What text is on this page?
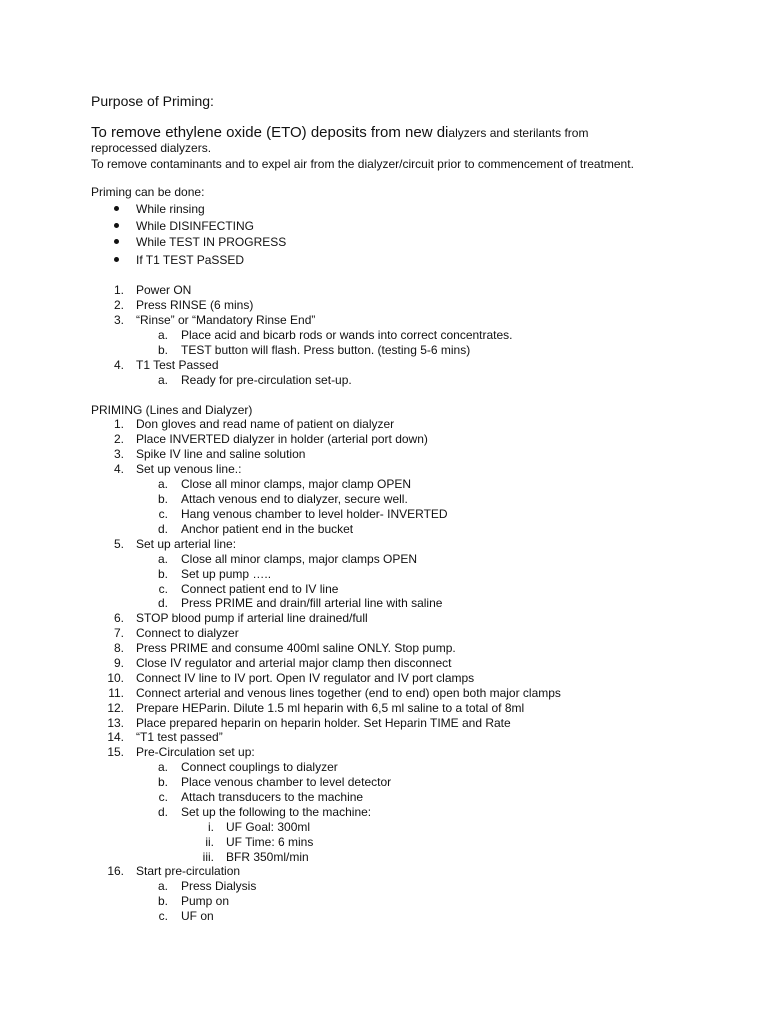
Purpose of Priming:
To remove ethylene oxide (ETO) deposits from new dialyzers and sterilants from
reprocessed dialyzers.
To remove contaminants and to expel air from the dialyzer/circuit prior to commencement of treatment.
Priming can be done:
While rinsing
While DISINFECTING
While TEST IN PROGRESS
If T1 TEST PaSSED
1. Power ON
2. Press RINSE (6 mins)
3. “Rinse” or “Mandatory Rinse End”
a. Place acid and bicarb rods or wands into correct concentrates.
b. TEST button will flash. Press button. (testing 5-6 mins)
4. T1 Test Passed
a. Ready for pre-circulation set-up.
PRIMING (Lines and Dialyzer)
1. Don gloves and read name of patient on dialyzer
2. Place INVERTED dialyzer in holder (arterial port down)
3. Spike IV line and saline solution
4. Set up venous line.:
a. Close all minor clamps, major clamp OPEN
b. Attach venous end to dialyzer, secure well.
c. Hang venous chamber to level holder- INVERTED
d. Anchor patient end in the bucket
5. Set up arterial line:
a. Close all minor clamps, major clamps OPEN
b. Set up pump …..
c. Connect patient end to IV line
d. Press PRIME and drain/fill arterial line with saline
6. STOP blood pump if arterial line drained/full
7. Connect to dialyzer
8. Press PRIME and consume 400ml saline ONLY. Stop pump.
9. Close IV regulator and arterial major clamp then disconnect
10. Connect IV line to IV port. Open IV regulator and IV port clamps
11. Connect arterial and venous lines together (end to end) open both major clamps
12. Prepare HEParin. Dilute 1.5 ml heparin with 6,5 ml saline to a total of 8ml
13. Place prepared heparin on heparin holder. Set Heparin TIME and Rate
14. “T1 test passed”
15. Pre-Circulation set up:
a. Connect couplings to dialyzer
b. Place venous chamber to level detector
c. Attach transducers to the machine
d. Set up the following to the machine:
i. UF Goal: 300ml
ii. UF Time: 6 mins
iii. BFR 350ml/min
16. Start pre-circulation
a. Press Dialysis
b. Pump on
c. UF on
